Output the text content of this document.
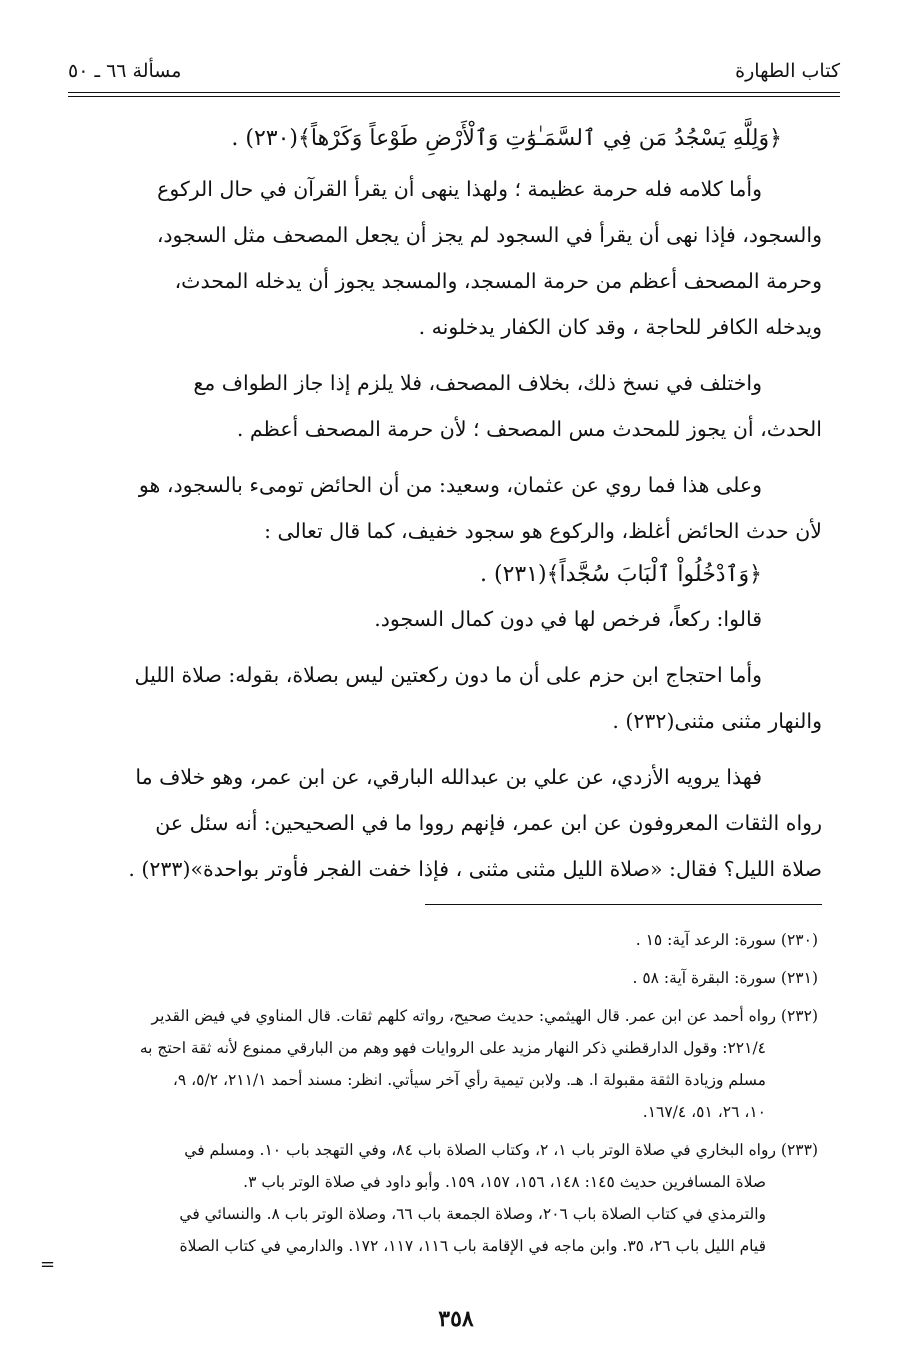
كتاب الطهارة
مسألة ٦٦ ـ ٥٠
﴿وَلِلَّهِ يَسْجُدُ مَن فِي ٱلسَّمَـٰوَٰتِ وَٱلْأَرْضِ طَوْعاً وَكَرْهاً﴾(٢٣٠) .

وأما كلامه فله حرمة عظيمة ؛ ولهذا ينهى أن يقرأ القرآن في حال الركوع

والسجود، فإذا نهى أن يقرأ في السجود لم يجز أن يجعل المصحف مثل السجود،

وحرمة المصحف أعظم من حرمة المسجد، والمسجد يجوز أن يدخله المحدث،

ويدخله الكافر للحاجة ، وقد كان الكفار يدخلونه .

واختلف في نسخ ذلك، بخلاف المصحف، فلا يلزم إذا جاز الطواف مع

الحدث، أن يجوز للمحدث مس المصحف ؛ لأن حرمة المصحف أعظم .

وعلى هذا فما روي عن عثمان، وسعيد: من أن الحائض تومىء بالسجود، هو

لأن حدث الحائض أغلظ، والركوع هو سجود خفيف، كما قال تعالى :

﴿وَٱدْخُلُواْ ٱلْبَابَ سُجَّداً﴾(٢٣١) .

قالوا: ركعاً، فرخص لها في دون كمال السجود.

وأما احتجاج ابن حزم على أن ما دون ركعتين ليس بصلاة، بقوله: صلاة الليل

والنهار مثنى مثنى(٢٣٢) .

فهذا يرويه الأزدي، عن علي بن عبدالله البارقي، عن ابن عمر، وهو خلاف ما

رواه الثقات المعروفون عن ابن عمر، فإنهم رووا ما في الصحيحين: أنه سئل عن

صلاة الليل؟ فقال: «صلاة الليل مثنى مثنى ، فإذا خفت الفجر فأوتر بواحدة»(٢٣٣) .

(٢٣٠) سورة: الرعد آية: ١٥ .
(٢٣١) سورة: البقرة آية: ٥٨ .
(٢٣٢) رواه أحمد عن ابن عمر. قال الهيثمي: حديث صحيح، رواته كلهم ثقات. قال المناوي في فيض القدير
٢٢١/٤: وقول الدارقطني ذكر النهار مزيد على الروايات فهو وهم من البارقي ممنوع لأنه ثقة احتج به
مسلم وزيادة الثقة مقبولة ا. هـ. ولابن تيمية رأي آخر سيأتي. انظر: مسند أحمد ٢١١/١، ٥/٢، ٩،
١٠، ٢٦، ٥١، ١٦٧/٤.
(٢٣٣) رواه البخاري في صلاة الوتر باب ١، ٢، وكتاب الصلاة باب ٨٤، وفي التهجد باب ١٠. ومسلم في
صلاة المسافرين حديث ١٤٥: ١٤٨، ١٥٦، ١٥٧، ١٥٩. وأبو داود في صلاة الوتر باب ٣.
والترمذي في كتاب الصلاة باب ٢٠٦، وصلاة الجمعة باب ٦٦، وصلاة الوتر باب ٨. والنسائي في
قيام الليل باب ٢٦، ٣٥. وابن ماجه في الإقامة باب ١١٦، ١١٧، ١٧٢. والدارمي في كتاب الصلاة
=
٣٥٨
